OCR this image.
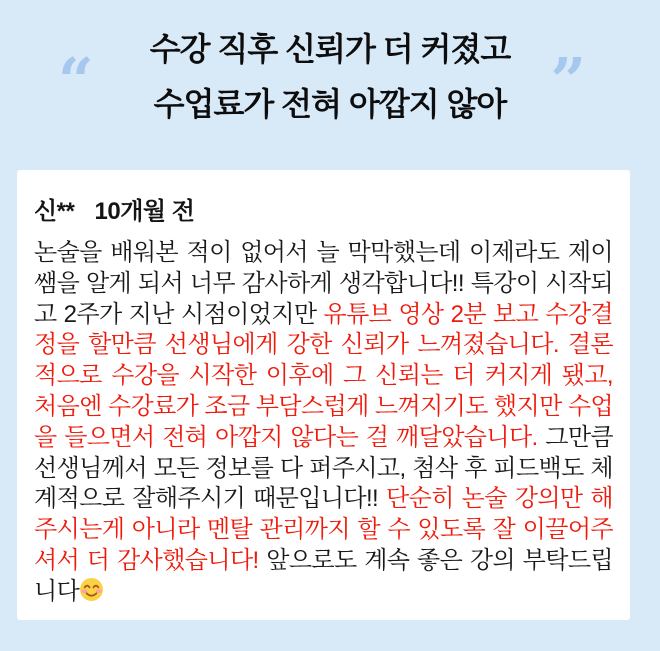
“	수강 직후 신뢰가 더 커졌고
수업료가 전혀 아깝지 않아 ”
신** 10개월 전
논술을 배워본 적이 없어서 늘 막막했는데 이제라도 제이쌤을 알게 되서 너무 감사하게 생각합니다!! 특강이 시작되고 2주가 지난 시점이었지만 유튜브 영상 2분 보고 수강결정을 할만큼 선생님에게 강한 신뢰가 느껴졌습니다. 결론적으로 수강을 시작한 이후에 그 신뢰는 더 커지게 됐고, 처음엔 수강료가 조금 부담스럽게 느껴지기도 했지만 수업을 들으면서 전혀 아깝지 않다는 걸 깨달았습니다. 그만큼 선생님께서 모든 정보를 다 퍼주시고, 첨삭 후 피드백도 체계적으로 잘해주시기 때문입니다!! 단순히 논술 강의만 해주시는게 아니라 멘탈 관리까지 할 수 있도록 잘 이끌어주셔서 더 감사했습니다! 앞으로도 계속 좋은 강의 부탁드립니다
